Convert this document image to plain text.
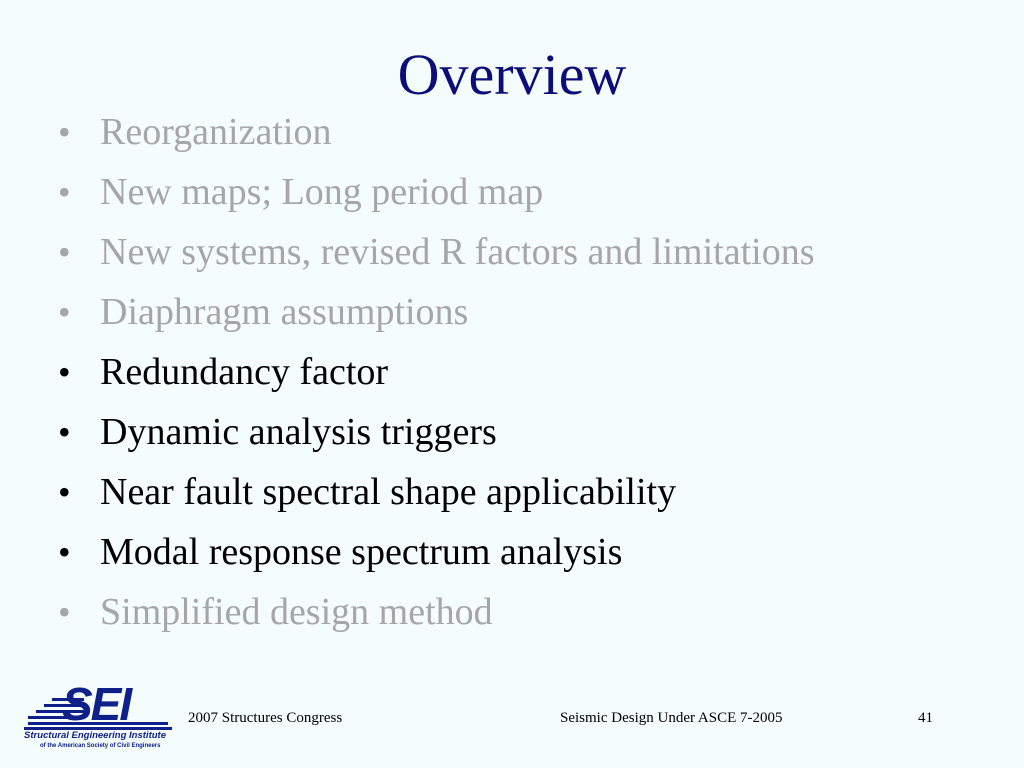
Overview
• Reorganization
• New maps; Long period map
• New systems, revised R factors and limitations
• Diaphragm assumptions
• Redundancy factor
• Dynamic analysis triggers
• Near fault spectral shape applicability
• Modal response spectrum analysis
• Simplified design method
SEI
Structural Engineering Institute
of the American Society of Civil Engineers
2007 Structures Congress	Seismic Design Under ASCE 7-2005	41
